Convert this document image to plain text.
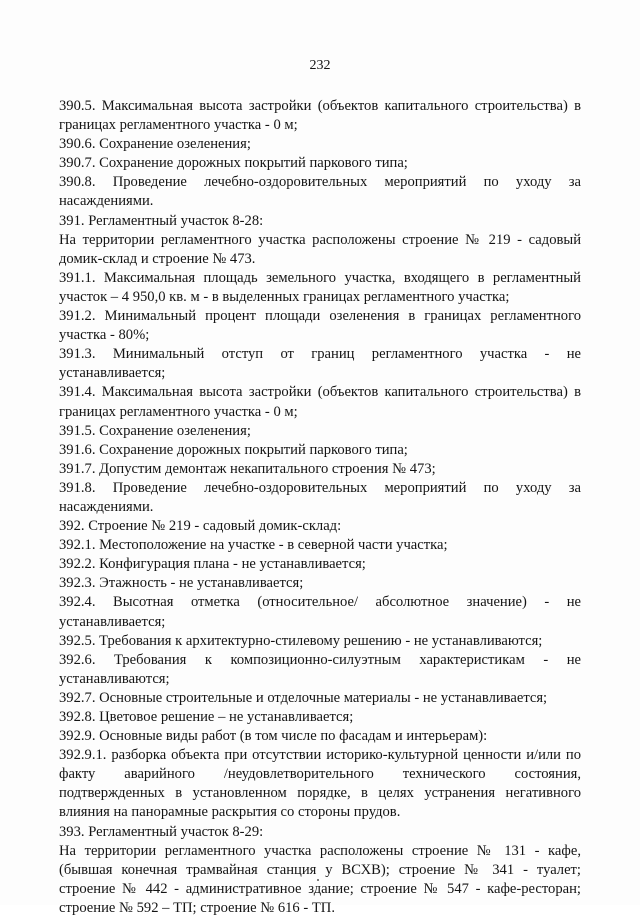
232

390.5. Максимальная высота застройки (объектов капитального строительства) в границах регламентного участка - 0 м;

390.6. Сохранение озеленения;

390.7. Сохранение дорожных покрытий паркового типа;

390.8. Проведение лечебно-оздоровительных мероприятий по уходу за насаждениями.

391. Регламентный участок 8-28:

На территории регламентного участка расположены строение № 219 - садовый домик-склад и строение № 473.

391.1. Максимальная площадь земельного участка, входящего в регламентный участок – 4 950,0 кв. м - в выделенных границах регламентного участка;

391.2. Минимальный процент площади озеленения в границах регламентного участка - 80%;

391.3. Минимальный отступ от границ регламентного участка - не устанавливается;

391.4. Максимальная высота застройки (объектов капитального строительства) в границах регламентного участка - 0 м;

391.5. Сохранение озеленения;

391.6. Сохранение дорожных покрытий паркового типа;

391.7. Допустим демонтаж некапитального строения № 473;

391.8. Проведение лечебно-оздоровительных мероприятий по уходу за насаждениями.

392. Строение № 219 - садовый домик-склад:

392.1. Местоположение на участке - в северной части участка;

392.2. Конфигурация плана - не устанавливается;

392.3. Этажность - не устанавливается;

392.4. Высотная отметка (относительное/ абсолютное значение) - не устанавливается;

392.5. Требования к архитектурно-стилевому решению - не устанавливаются;

392.6. Требования к композиционно-силуэтным характеристикам - не устанавливаются;

392.7. Основные строительные и отделочные материалы - не устанавливается;

392.8. Цветовое решение – не устанавливается;

392.9. Основные виды работ (в том числе по фасадам и интерьерам):

392.9.1. разборка объекта при отсутствии историко-культурной ценности и/или по факту аварийного /неудовлетворительного технического состояния, подтвержденных в установленном порядке, в целях устранения негативного влияния на панорамные раскрытия со стороны прудов.

393. Регламентный участок 8-29:

На территории регламентного участка расположены строение № 131 - кафе, (бывшая конечная трамвайная станция у ВСХВ); строение № 341 - туалет; строение № 442 - административное здание; строение № 547 - кафе-ресторан; строение № 592 – ТП; строение № 616 - ТП.
